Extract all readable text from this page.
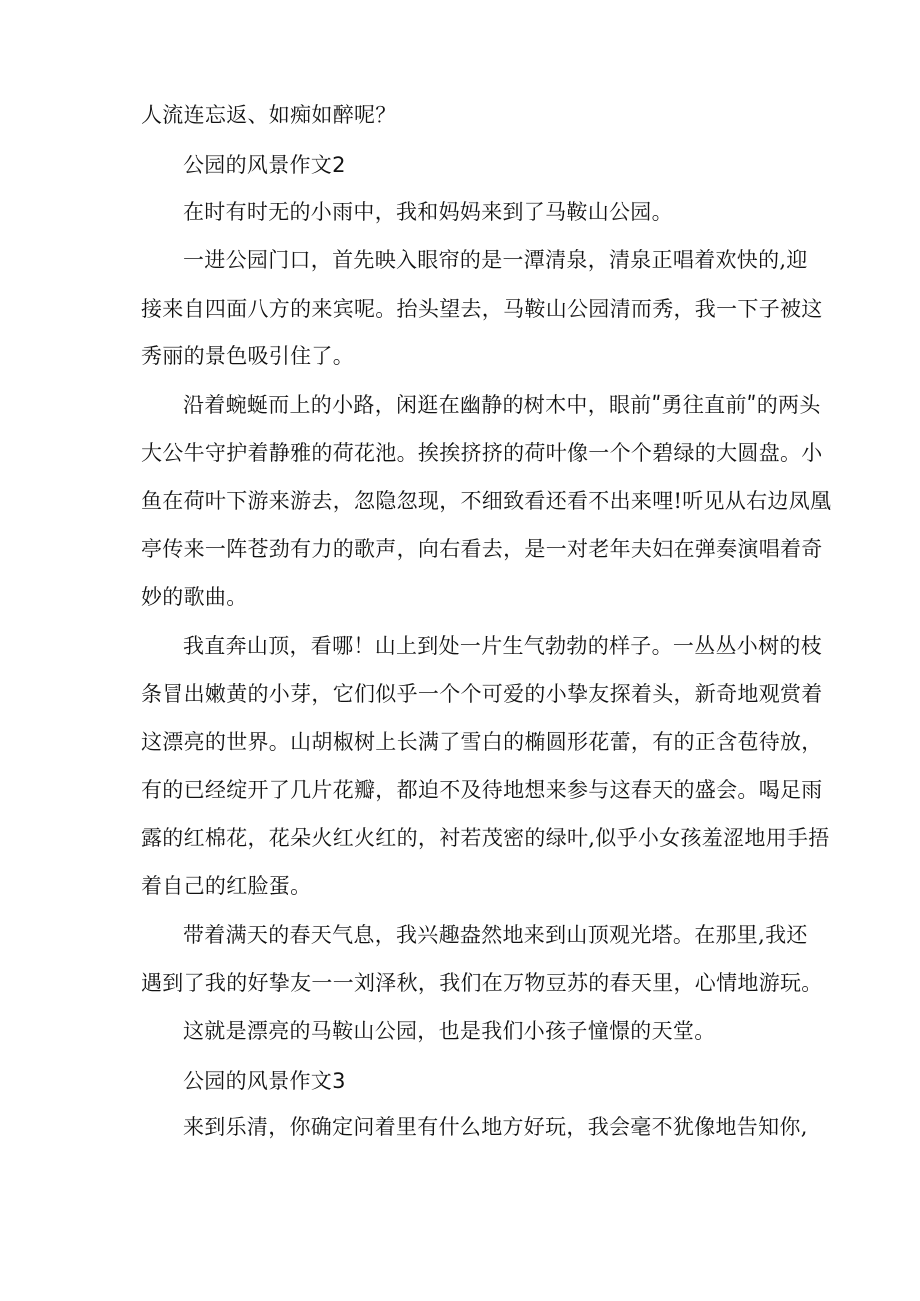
人流连忘返、如痴如醉呢？
公园的风景作文2
在时有时无的小雨中，我和妈妈来到了马鞍山公园。
一进公园门口，首先映入眼帘的是一潭清泉，清泉正唱着欢快的,迎
接来自四面八方的来宾呢。抬头望去，马鞍山公园清而秀，我一下子被这
秀丽的景色吸引住了。
沿着蜿蜒而上的小路，闲逛在幽静的树木中，眼前ʺ勇往直前ʺ的两头
大公牛守护着静雅的荷花池。挨挨挤挤的荷叶像一个个碧绿的大圆盘。小
鱼在荷叶下游来游去，忽隐忽现，不细致看还看不出来哩!听见从右边凤凰
亭传来一阵苍劲有力的歌声，向右看去，是一对老年夫妇在弹奏演唱着奇
妙的歌曲。
我直奔山顶，看哪！山上到处一片生气勃勃的样子。一丛丛小树的枝
条冒出嫩黄的小芽，它们似乎一个个可爱的小挚友探着头，新奇地观赏着
这漂亮的世界。山胡椒树上长满了雪白的椭圆形花蕾，有的正含苞待放，
有的已经绽开了几片花瓣，都迫不及待地想来参与这春天的盛会。喝足雨
露的红棉花，花朵火红火红的，衬若茂密的绿叶,似乎小女孩羞涩地用手捂
着自己的红脸蛋。
带着满天的春天气息，我兴趣盎然地来到山顶观光塔。在那里,我还
遇到了我的好挚友一一刘泽秋，我们在万物豆苏的春天里，心情地游玩。
这就是漂亮的马鞍山公园，也是我们小孩子憧憬的天堂。
公园的风景作文3
来到乐清，你确定问着里有什么地方好玩，我会毫不犹像地告知你,
